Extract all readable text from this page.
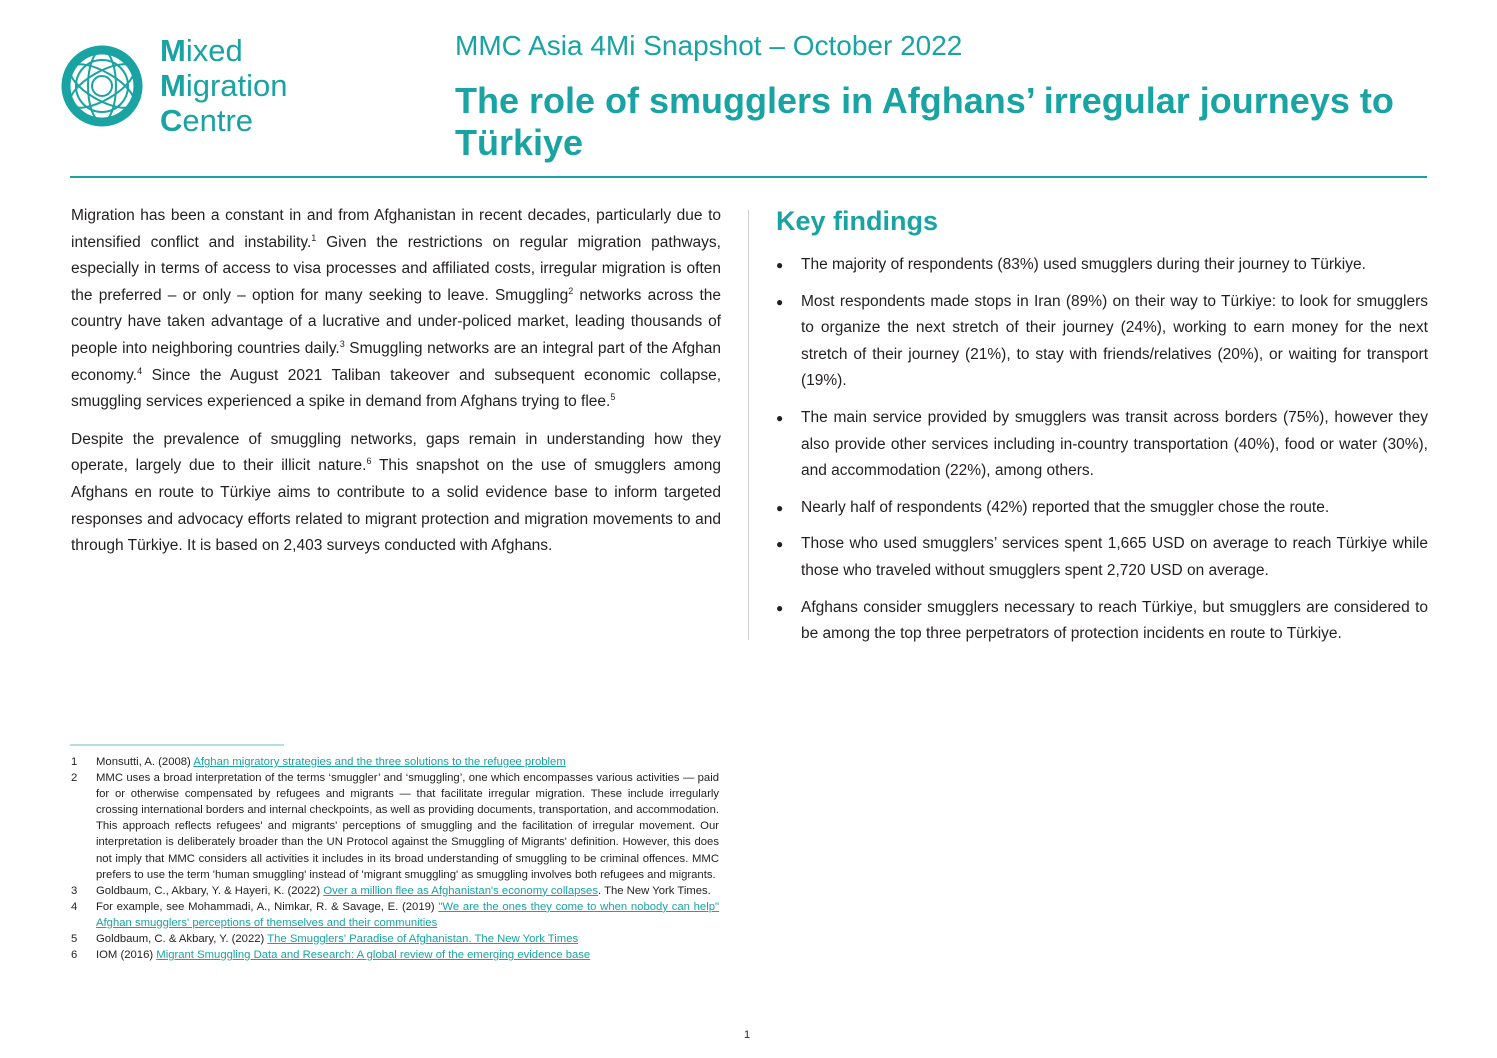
Mixed
Migration
Centre
MMC Asia 4Mi Snapshot – October 2022
The role of smugglers in Afghans’ irregular journeys to Türkiye

Migration has been a constant in and from Afghanistan in recent decades, particularly due to intensified conflict and instability.$^1$ Given the restrictions on regular migration pathways, especially in terms of access to visa processes and affiliated costs, irregular migration is often the preferred – or only – option for many seeking to leave. Smuggling$^2$ networks across the country have taken advantage of a lucrative and under-policed market, leading thousands of people into neighboring countries daily.$^3$ Smuggling networks are an integral part of the Afghan economy.$^4$ Since the August 2021 Taliban takeover and subsequent economic collapse, smuggling services experienced a spike in demand from Afghans trying to flee.$^5$

Despite the prevalence of smuggling networks, gaps remain in understanding how they operate, largely due to their illicit nature.$^6$ This snapshot on the use of smugglers among Afghans en route to Türkiye aims to contribute to a solid evidence base to inform targeted responses and advocacy efforts related to migrant protection and migration movements to and through Türkiye. It is based on 2,403 surveys conducted with Afghans.

Key findings
● The majority of respondents (83%) used smugglers during their journey to Türkiye.
● Most respondents made stops in Iran (89%) on their way to Türkiye: to look for smugglers to organize the next stretch of their journey (24%), working to earn money for the next stretch of their journey (21%), to stay with friends/relatives (20%), or waiting for transport (19%).
● The main service provided by smugglers was transit across borders (75%), however they also provide other services including in-country transportation (40%), food or water (30%), and accommodation (22%), among others.
● Nearly half of respondents (42%) reported that the smuggler chose the route.
● Those who used smugglers’ services spent 1,665 USD on average to reach Türkiye while those who traveled without smugglers spent 2,720 USD on average.
● Afghans consider smugglers necessary to reach Türkiye, but smugglers are considered to be among the top three perpetrators of protection incidents en route to Türkiye.
1 Monsutti, A. (2008) Afghan migratory strategies and the three solutions to the refugee problem
2 MMC uses a broad interpretation of the terms ‘smuggler’ and ‘smuggling’, one which encompasses various activities — paid for or otherwise compensated by refugees and migrants — that facilitate irregular migration. These include irregularly crossing international borders and internal checkpoints, as well as providing documents, transportation, and accommodation. This approach reflects refugees' and migrants' perceptions of smuggling and the facilitation of irregular movement. Our interpretation is deliberately broader than the UN Protocol against the Smuggling of Migrants' definition. However, this does not imply that MMC considers all activities it includes in its broad understanding of smuggling to be criminal offences. MMC prefers to use the term 'human smuggling' instead of 'migrant smuggling' as smuggling involves both refugees and migrants.
3 Goldbaum, C., Akbary, Y. & Hayeri, K. (2022) Over a million flee as Afghanistan's economy collapses. The New York Times.
4 For example, see Mohammadi, A., Nimkar, R. & Savage, E. (2019) "We are the ones they come to when nobody can help" Afghan smugglers' perceptions of themselves and their communities
5 Goldbaum, C. & Akbary, Y. (2022) The Smugglers' Paradise of Afghanistan. The New York Times
6 IOM (2016) Migrant Smuggling Data and Research: A global review of the emerging evidence base
1
